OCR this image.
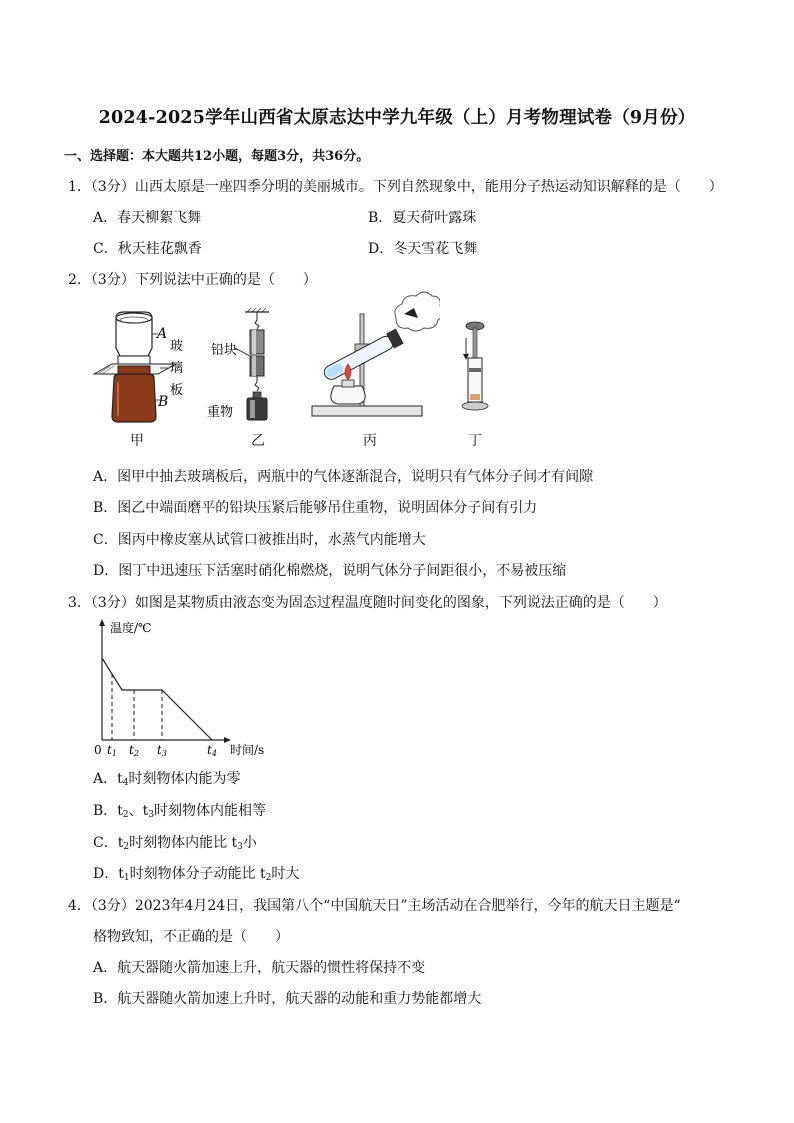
2024-2025学年山西省太原志达中学九年级（上）月考物理试卷（9月份）
一、选择题：本大题共12小题，每题3分，共36分。
1．（3分）山西太原是一座四季分明的美丽城市。下列自然现象中，能用分子热运动知识解释的是（　　）
A．春天柳絮飞舞	B．夏天荷叶露珠
C．秋天桂花飘香	D．冬天雪花飞舞
2．（3分）下列说法中正确的是（　　）
A
B
玻
璃
板
铅块
重物
甲	乙	丙	丁
A．图甲中抽去玻璃板后，两瓶中的气体逐渐混合，说明只有气体分子间才有间隙
B．图乙中端面磨平的铅块压紧后能够吊住重物，说明固体分子间有引力
C．图丙中橡皮塞从试管口被推出时，水蒸气内能增大
D．图丁中迅速压下活塞时硝化棉燃烧，说明气体分子间距很小，不易被压缩
3．（3分）如图是某物质由液态变为固态过程温度随时间变化的图象，下列说法正确的是（　　）
温度/℃
时间/s
0 t1 t2 t3	t4
A．$t_4$时刻物体内能为零
B．$t_2$、$t_3$时刻物体内能相等
C．$t_2$时刻物体内能比 $t_3$小
D．$t_1$时刻物体分子动能比 $t_2$时大
4．（3分）2023年4月24日，我国第八个“中国航天日”主场活动在合肥举行，今年的航天日主题是“
格物致知，不正确的是（　　）
A．航天器随火箭加速上升，航天器的惯性将保持不变
B．航天器随火箭加速上升时，航天器的动能和重力势能都增大
